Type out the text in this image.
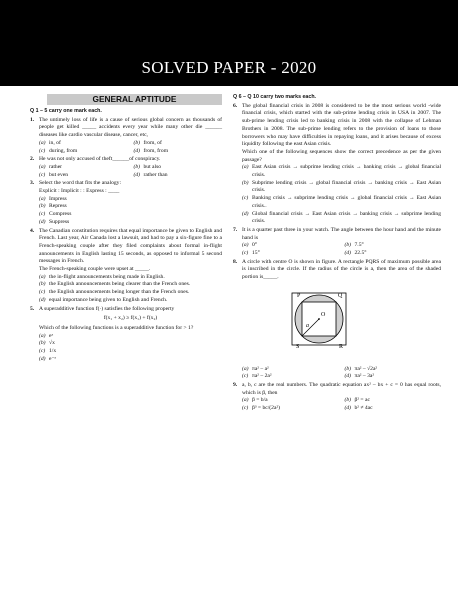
SOLVED PAPER - 2020
GENERAL APTITUDE
Q 1 – 5 carry one mark each.
1. The untimely loss of life is a cause of serious global concern as thousands of people get killed _____ accidents every year while many other die ______ diseases like cardio vascular disease, cancer, etc,
(a) in, of	(b) from, of
(c) during, from	(d) from, from
2. He was not only accused of theft______of conspiracy.
(a) rather	(b) but also
(c) but even	(d) rather than
3. Select the word that fits the analogy:
Explicit : Implicit : : Express : ____
(a) Impress
(b) Repress
(c) Compress
(d) Suppress
4. The Canadian constitution requires that equal importance be given to English and French. Last year, Air Canada lost a lawsuit, and had to pay a six-figure fine to a French-speaking couple after they filed complaints about formal in-flight announcements in English lasting 15 seconds, as opposed to informal 5 second messages in French.
The French-speaking couple were upset at _____.
(a) the in-flight announcements being made in English.
(b) the English announcements being clearer than the French ones.
(c) the English announcements being longer than the French ones.
(d) equal importance being given to English and French.
5. A superadditive function f(·) satisfies the following property
f(x₁ + x₂) ≥ f(x₁) + f(x₂)
Which of the following functions is a superadditive function for > 1?
(a) eˣ
(b) √x
(c) 1/x
(d) e⁻ˣ
Q 6 – Q 10 carry two marks each.
6. The global financial crisis in 2008 is considered to be the most serious world -wide financial crisis, which started with the sub-prime lending crisis in USA in 2007. The sub-prime lending crisis led to banking crisis in 2008 with the collapse of Lehman Brothers in 2008. The sub-prime lending refers to the provision of loans to those borrowers who may have difficulties in repaying loans, and it arises because of excess liquidity following the east Asian crisis.
Which one of the following sequences show the correct precedence as per the given passage?
(a) East Asian crisis → subprime lending crisis → banking crisis → global financial crisis.
(b) Subprime lending crisis → global financial crisis → banking crisis → East Asian crisis.
(c) Banking crisis → subprime lending crisis → global financial crisis → East Asian crisis..
(d) Global financial crisis → East Asian crisis → banking crisis → subprime lending crisis.
7. It is a quarter past three in your watch. The angle between the hour hand and the minute hand is
(a) 0°	(b) 7.5°
(c) 15°	(d) 22.5°
8. A circle with centre O is shown in figure. A rectangle PQRS of maximum possible area is inscribed in the circle. If the radius of the circle is a, then the area of the shaded portion is_____.
P	Q
R
S
O
a
(a) πa² – a²	(b) πa² – √2a²
(c) πa² – 2a²	(d) πa² – 3a²
9. a, b, c are the real numbers. The quadratic equation ax² – bx + c = 0 has equal roots, which is β, then
(a) β = b/a	(b) β² = ac
(c) β³ = bc/(2a²)	(d) b² ≠ 4ac
